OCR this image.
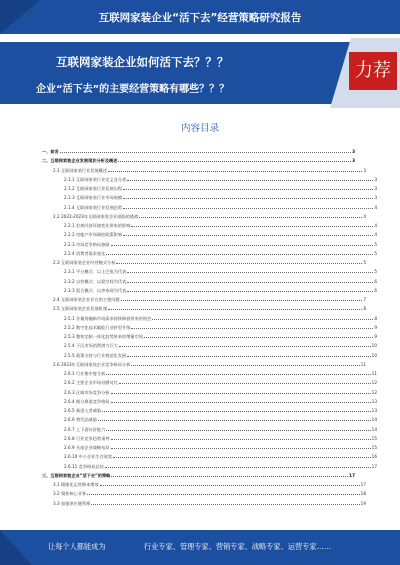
互联网家装企业“活下去”经营策略研究报告
互联网家装企业如何活下去？？？
企业“活下去”的主要经营策略有哪些？？？
力荐
内容目录
一、前言	3
二、互联网家装企业发展现状分析及概述	3
2.1 互联网家装行业发展概述	3
2.1.1 互联网家装行业定义及分类	3
2.1.2 互联网家装行业发展历程	3
2.1.3 互联网家装行业市场规模	3
2.1.4 互联网家装行业发展趋势	4
2.2 2022-2023年互联网家装企业面临的挑战	4
2.2.1 宏观经济环境变化带来的影响	4
2.2.2 房地产市场调控政策影响	4
2.2.3 市场竞争格局加剧	5
2.2.4 消费者需求变化	5
2.3 互联网家装企业经营模式分析	5
2.3.1 平台模式：以土巴兔为代表	5
2.3.2 自营模式：以爱空间为代表	6
2.3.3 混合模式：以齐家网为代表	6
2.4 互联网家装企业存在的主要问题	7
2.5 互联网家装企业发展机遇	8
2.5.1 存量房翻新市场需求持续释放带来的机会	8
2.5.2 数字化技术赋能行业转型升级	9
2.5.3 整装定制一体化趋势带来的增量空间	9
2.5.4 下沉市场消费潜力巨大	10
2.5.5 政策支持与行业规范化发展	10
2.6 2023年互联网家装企业竞争格局分析	11
2.6.1 行业集中度分析	11
2.6.2 主要企业市场份额对比	12
2.6.3 区域市场竞争分析	12
2.6.4 细分赛道竞争格局	13
2.6.5 新进入者威胁	13
2.6.6 替代品威胁	14
2.6.7 上下游议价能力	14
2.6.8 行业竞争趋势预判	15
2.6.9 头部企业战略布局	15
2.6.10 中小企业生存现状	16
2.6.11 竞争格局总结	17
三、互联网家装企业“活下去”的策略	17
3.1 精细化运营降本增效	17
3.2 聚焦核心业务	18
3.3 加强供应链管理	19
让每个人都能成为	行业专家、管理专家、营销专家、战略专家、运营专家……
